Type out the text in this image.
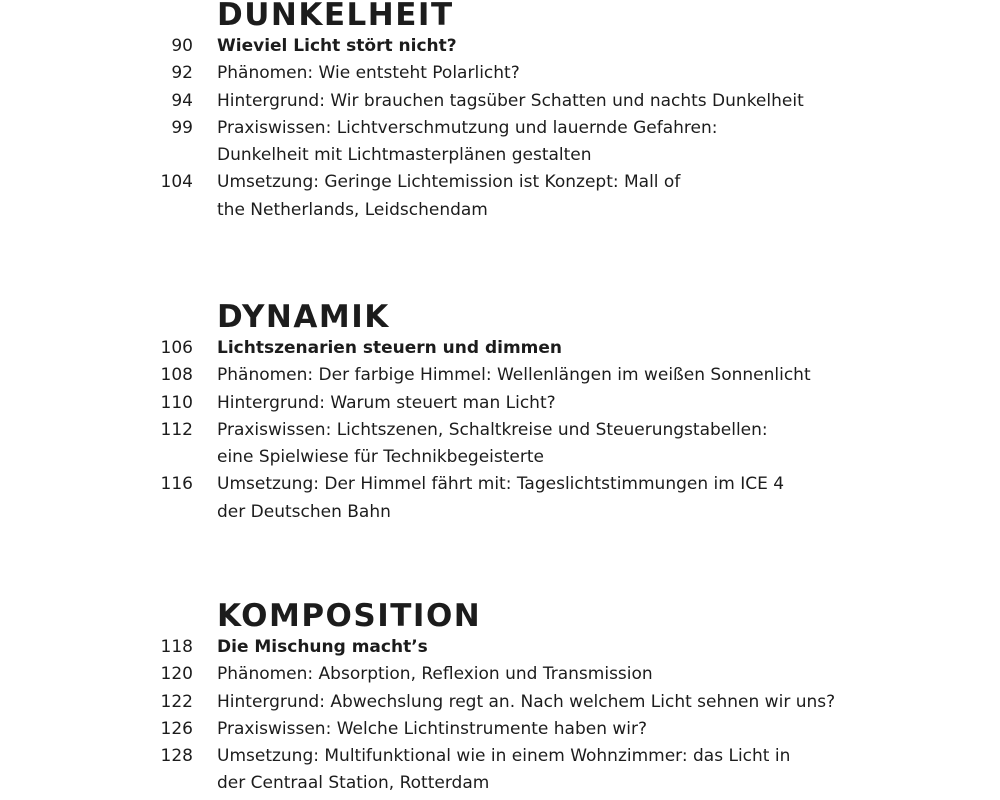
DUNKELHEIT
90 Wieviel Licht stört nicht?
92 Phänomen: Wie entsteht Polarlicht?
94 Hintergrund: Wir brauchen tagsüber Schatten und nachts Dunkelheit
99 Praxiswissen: Lichtverschmutzung und lauernde Gefahren:
Dunkelheit mit Lichtmasterplänen gestalten
104 Umsetzung: Geringe Lichtemission ist Konzept: Mall of
the Netherlands, Leidschendam
DYNAMIK
106 Lichtszenarien steuern und dimmen
108 Phänomen: Der farbige Himmel: Wellenlängen im weißen Sonnenlicht
110 Hintergrund: Warum steuert man Licht?
112 Praxiswissen: Lichtszenen, Schaltkreise und Steuerungstabellen:
eine Spielwiese für Technikbegeisterte
116 Umsetzung: Der Himmel fährt mit: Tageslichtstimmungen im ICE 4
der Deutschen Bahn
KOMPOSITION
118 Die Mischung macht’s
120 Phänomen: Absorption, Reflexion und Transmission
122 Hintergrund: Abwechslung regt an. Nach welchem Licht sehnen wir uns?
126 Praxiswissen: Welche Lichtinstrumente haben wir?
128 Umsetzung: Multifunktional wie in einem Wohnzimmer: das Licht in
der Centraal Station, Rotterdam
